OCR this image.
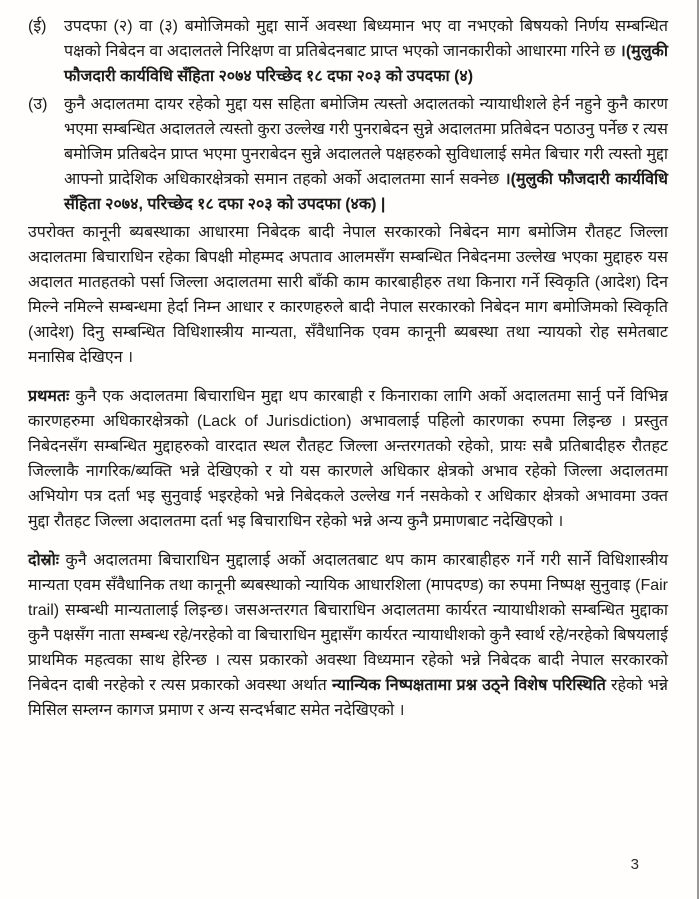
(ई)	उपदफा (२) वा (३) बमोजिमको मुद्दा सार्ने अवस्था बिध्यमान भए वा नभएको बिषयको निर्णय सम्बन्धित पक्षको निबेदन वा अदालतले निरिक्षण वा प्रतिबेदनबाट प्राप्त भएको जानकारीको आधारमा गरिने छ ।(मुलुकी फौजदारी कार्यविधि सँहिता २०७४ परिच्छेद १८ दफा २०३ को उपदफा (४)
(उ)	कुनै अदालतमा दायर रहेको मुद्दा यस सहिता बमोजिम त्यस्तो अदालतको न्यायाधीशले हेर्न नहुने कुनै कारण भएमा सम्बन्धित अदालतले त्यस्तो कुरा उल्लेख गरी पुनराबेदन सुन्ने अदालतमा प्रतिबेदन पठाउनु पर्नेछ र त्यस बमोजिम प्रतिबदेन प्राप्त भएमा पुनराबेदन सुन्ने अदालतले पक्षहरुको सुविधालाई समेत बिचार गरी त्यस्तो मुद्दा आफ्नो प्रादेशिक अधिकारक्षेत्रको समान तहको अर्को अदालतमा सार्न सक्नेछ ।(मुलुकी फौजदारी कार्यविधि सँहिता २०७४, परिच्छेद १८ दफा २०३ को उपदफा (४क) |

उपरोक्त कानूनी ब्यबस्थाका आधारमा निबेदक बादी नेपाल सरकारको निबेदन माग बमोजिम रौतहट जिल्ला अदालतमा बिचाराधिन रहेका बिपक्षी मोहम्मद अपताव आलमसँग सम्बन्धित निबेदनमा उल्लेख भएका मुद्दाहरु यस अदालत मातहतको पर्सा जिल्ला अदालतमा सारी बाँकी काम कारबाहीहरु तथा किनारा गर्ने स्विकृति (आदेश) दिन मिल्ने नमिल्ने सम्बन्धमा हेर्दा निम्न आधार र कारणहरुले बादी नेपाल सरकारको निबेदन माग बमोजिमको स्विकृति (आदेश) दिनु सम्बन्धित विधिशास्त्रीय मान्यता, सँवैधानिक एवम कानूनी ब्यबस्था तथा न्यायको रोह समेतबाट मनासिब देखिएन ।

प्रथमतः कुनै एक अदालतमा बिचाराधिन मुद्दा थप कारबाही र किनाराका लागि अर्को अदालतमा सार्नु पर्ने विभिन्न कारणहरुमा अधिकारक्षेत्रको (Lack of Jurisdiction) अभावलाई पहिलो कारणका रुपमा लिइन्छ । प्रस्तुत निबेदनसँग सम्बन्धित मुद्दाहरुको वारदात स्थल रौतहट जिल्ला अन्तरगतको रहेको, प्रायः सबै प्रतिबादीहरु रौतहट जिल्लाकै नागरिक/ब्यक्ति भन्ने देखिएको र यो यस कारणले अधिकार क्षेत्रको अभाव रहेको जिल्ला अदालतमा अभियोग पत्र दर्ता भइ सुनुवाई भइरहेको भन्ने निबेदकले उल्लेख गर्न नसकेको र अधिकार क्षेत्रको अभावमा उक्त मुद्दा रौतहट जिल्ला अदालतमा दर्ता भइ बिचाराधिन रहेको भन्ने अन्य कुनै प्रमाणबाट नदेखिएको ।

दोस्रोः कुनै अदालतमा बिचाराधिन मुद्दालाई अर्को अदालतबाट थप काम कारबाहीहरु गर्ने गरी सार्ने विधिशास्त्रीय मान्यता एवम सँवैधानिक तथा कानूनी ब्यबस्थाको न्यायिक आधारशिला (मापदण्ड) का रुपमा निष्पक्ष सुनुवाइ (Fair trail) सम्बन्धी मान्यतालाई लिइन्छ। जसअन्तरगत बिचाराधिन अदालतमा कार्यरत न्यायाधीशको सम्बन्धित मुद्दाका कुनै पक्षसँग नाता सम्बन्ध रहे/नरहेको वा बिचाराधिन मुद्दासँग कार्यरत न्यायाधीशको कुनै स्वार्थ रहे/नरहेको बिषयलाई प्राथमिक महत्वका साथ हेरिन्छ । त्यस प्रकारको अवस्था विध्यमान रहेको भन्ने निबेदक बादी नेपाल सरकारको निबेदन दाबी नरहेको र त्यस प्रकारको अवस्था अर्थात न्यान्यिक निष्पक्षतामा प्रश्न उठ्ने विशेष परिस्थिति रहेको भन्ने मिसिल सम्लग्न कागज प्रमाण र अन्य सन्दर्भबाट समेत नदेखिएको ।

3
